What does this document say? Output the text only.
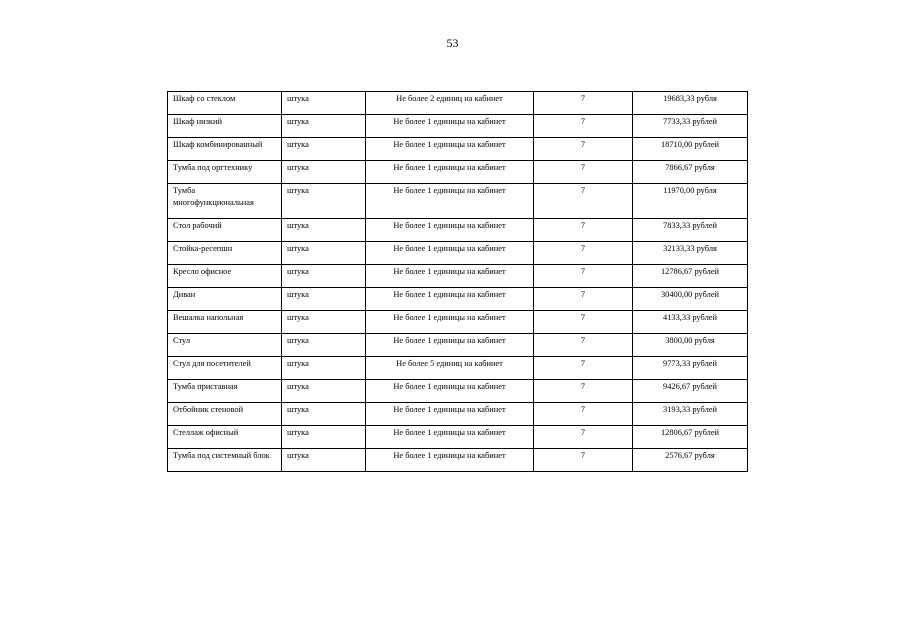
53
Шкаф со стеклом	штука	Не более 2 единиц на кабинет	7	19683,33 рубля
Шкаф низкий	штука	Не более 1 единицы на кабинет	7	7733,33 рублей
Шкаф комбинированный	штука	Не более 1 единицы на кабинет	7	18710,00 рублей
Тумба под оргтехнику	штука	Не более 1 единицы на кабинет	7	7866,67 рубля
Тумба многофункциональная	штука	Не более 1 единицы на кабинет	7	11970,00 рубля
Стол рабочий	штука	Не более 1 единицы на кабинет	7	7833,33 рублей
Стойка-ресепшн	штука	Не более 1 единицы на кабинет	7	32133,33 рубля
Кресло офисное	штука	Не более 1 единицы на кабинет	7	12786,67 рублей
Диван	штука	Не более 1 единицы на кабинет	7	30400,00 рублей
Вешалка напольная	штука	Не более 1 единицы на кабинет	7	4133,33 рублей
Стул	штука	Не более 1 единицы на кабинет	7	3800,00 рубля
Стул для посетителей	штука	Не более 5 единиц на кабинет	7	9773,33 рублей
Тумба приставная	штука	Не более 1 единицы на кабинет	7	9426,67 рублей
Отбойник стеновой	штука	Не более 1 единицы на кабинет	7	3193,33 рублей
Стеллаж офисный	штука	Не более 1 единицы на кабинет	7	12806,67 рублей
Тумба под системный блок	штука	Не более 1 единицы на кабинет	7	2576,67 рубля
